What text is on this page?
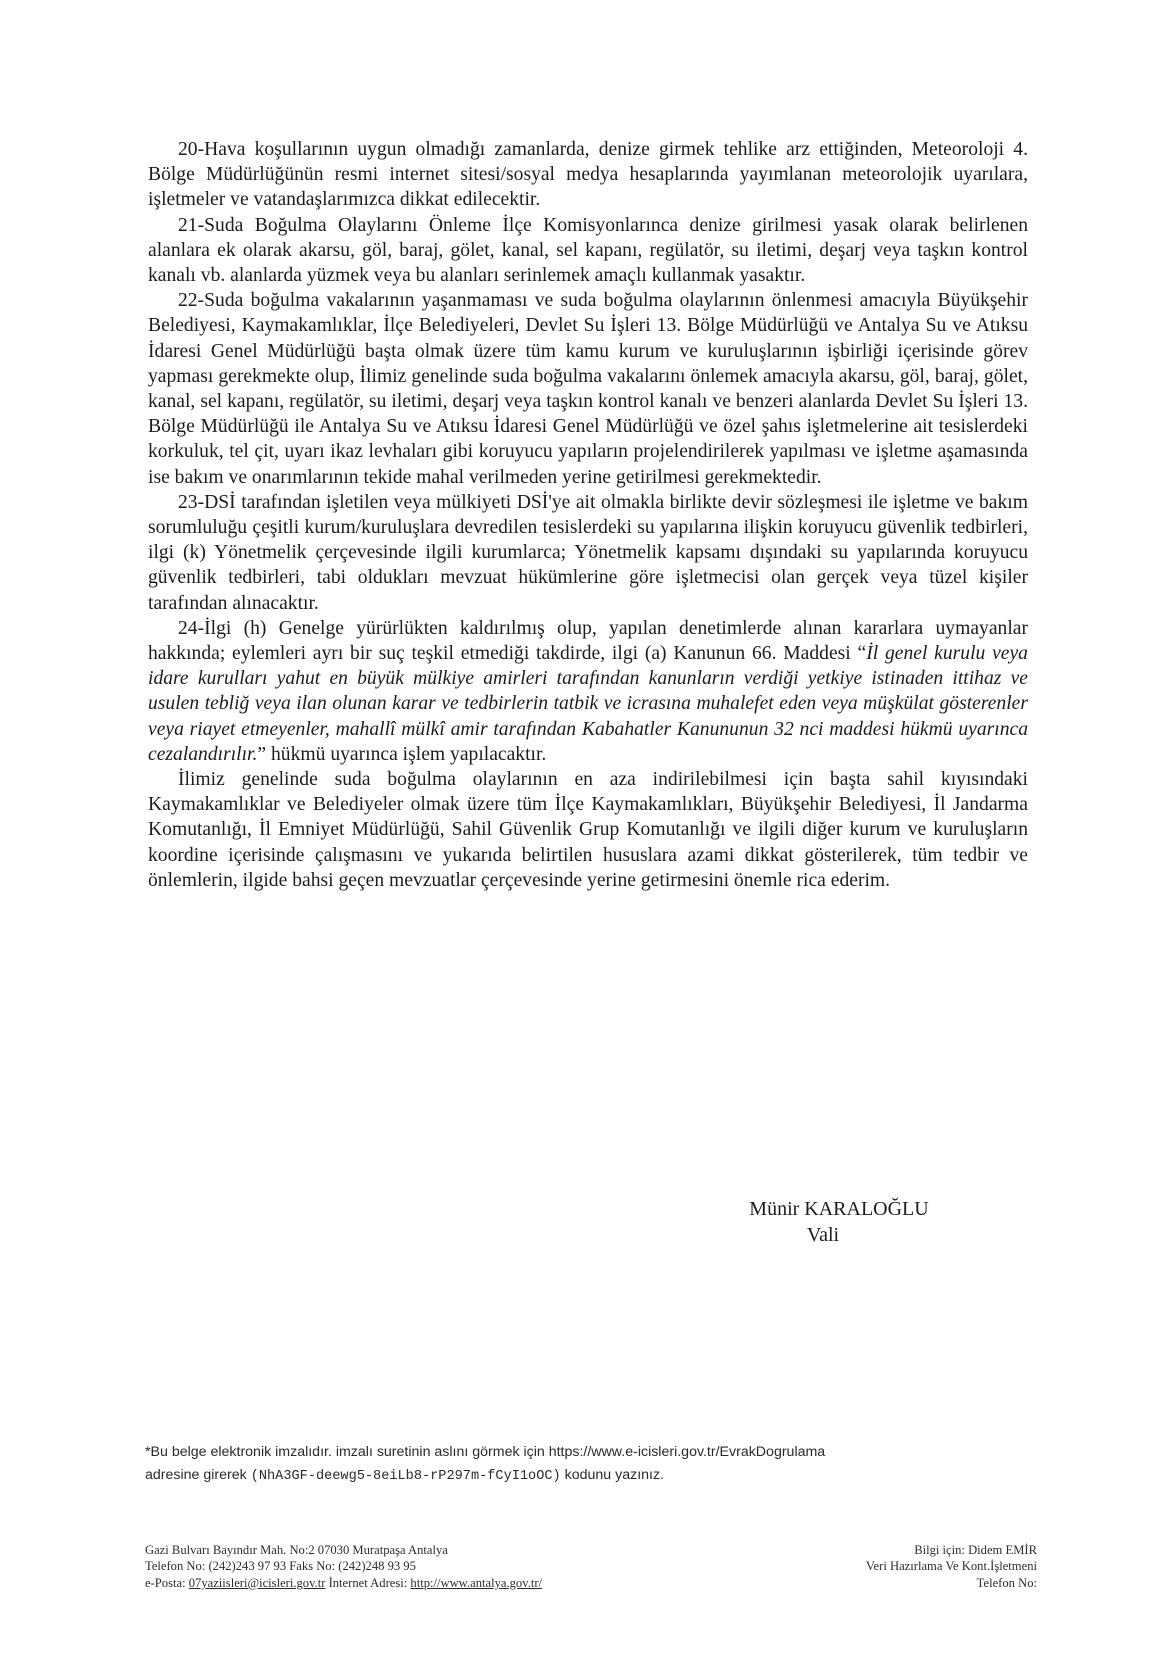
20-Hava koşullarının uygun olmadığı zamanlarda, denize girmek tehlike arz ettiğinden, Meteoroloji 4. Bölge Müdürlüğünün resmi internet sitesi/sosyal medya hesaplarında yayımlanan meteorolojik uyarılara, işletmeler ve vatandaşlarımızca dikkat edilecektir.

21-Suda Boğulma Olaylarını Önleme İlçe Komisyonlarınca denize girilmesi yasak olarak belirlenen alanlara ek olarak akarsu, göl, baraj, gölet, kanal, sel kapanı, regülatör, su iletimi, deşarj veya taşkın kontrol kanalı vb. alanlarda yüzmek veya bu alanları serinlemek amaçlı kullanmak yasaktır.

22-Suda boğulma vakalarının yaşanmaması ve suda boğulma olaylarının önlenmesi amacıyla Büyükşehir Belediyesi, Kaymakamlıklar, İlçe Belediyeleri, Devlet Su İşleri 13. Bölge Müdürlüğü ve Antalya Su ve Atıksu İdaresi Genel Müdürlüğü başta olmak üzere tüm kamu kurum ve kuruluşlarının işbirliği içerisinde görev yapması gerekmekte olup, İlimiz genelinde suda boğulma vakalarını önlemek amacıyla akarsu, göl, baraj, gölet, kanal, sel kapanı, regülatör, su iletimi, deşarj veya taşkın kontrol kanalı ve benzeri alanlarda Devlet Su İşleri 13. Bölge Müdürlüğü ile Antalya Su ve Atıksu İdaresi Genel Müdürlüğü ve özel şahıs işletmelerine ait tesislerdeki korkuluk, tel çit, uyarı ikaz levhaları gibi koruyucu yapıların projelendirilerek yapılması ve işletme aşamasında ise bakım ve onarımlarının tekide mahal verilmeden yerine getirilmesi gerekmektedir.

23-DSİ tarafından işletilen veya mülkiyeti DSİ'ye ait olmakla birlikte devir sözleşmesi ile işletme ve bakım sorumluluğu çeşitli kurum/kuruluşlara devredilen tesislerdeki su yapılarına ilişkin koruyucu güvenlik tedbirleri, ilgi (k) Yönetmelik çerçevesinde ilgili kurumlarca; Yönetmelik kapsamı dışındaki su yapılarında koruyucu güvenlik tedbirleri, tabi oldukları mevzuat hükümlerine göre işletmecisi olan gerçek veya tüzel kişiler tarafından alınacaktır.

24-İlgi (h) Genelge yürürlükten kaldırılmış olup, yapılan denetimlerde alınan kararlara uymayanlar hakkında; eylemleri ayrı bir suç teşkil etmediği takdirde, ilgi (a) Kanunun 66. Maddesi “İl genel kurulu veya idare kurulları yahut en büyük mülkiye amirleri tarafından kanunların verdiği yetkiye istinaden ittihaz ve usulen tebliğ veya ilan olunan karar ve tedbirlerin tatbik ve icrasına muhalefet eden veya müşkülat gösterenler veya riayet etmeyenler, mahallî mülkî amir tarafından Kabahatler Kanununun 32 nci maddesi hükmü uyarınca cezalandırılır.” hükmü uyarınca işlem yapılacaktır.

İlimiz genelinde suda boğulma olaylarının en aza indirilebilmesi için başta sahil kıyısındaki Kaymakamlıklar ve Belediyeler olmak üzere tüm İlçe Kaymakamlıkları, Büyükşehir Belediyesi, İl Jandarma Komutanlığı, İl Emniyet Müdürlüğü, Sahil Güvenlik Grup Komutanlığı ve ilgili diğer kurum ve kuruluşların koordine içerisinde çalışmasını ve yukarıda belirtilen hususlara azami dikkat gösterilerek, tüm tedbir ve önlemlerin, ilgide bahsi geçen mevzuatlar çerçevesinde yerine getirmesini önemle rica ederim.

Münir KARALOĞLU
Vali
*Bu belge elektronik imzalıdır. imzalı suretinin aslını görmek için https://www.e-icisleri.gov.tr/EvrakDogrulama
adresine girerek (NhA3GF-deewg5-8eiLb8-rP297m-fCyI1oOC) kodunu yazınız.
Gazi Bulvarı Bayındır Mah. No:2 07030 Muratpaşa Antalya
Telefon No: (242)243 97 93 Faks No: (242)248 93 95
e-Posta: 07yaziisleri@icisleri.gov.tr İnternet Adresi: http://www.antalya.gov.tr/
Bilgi için: Didem EMİR
Veri Hazırlama Ve Kont.İşletmeni
Telefon No:
